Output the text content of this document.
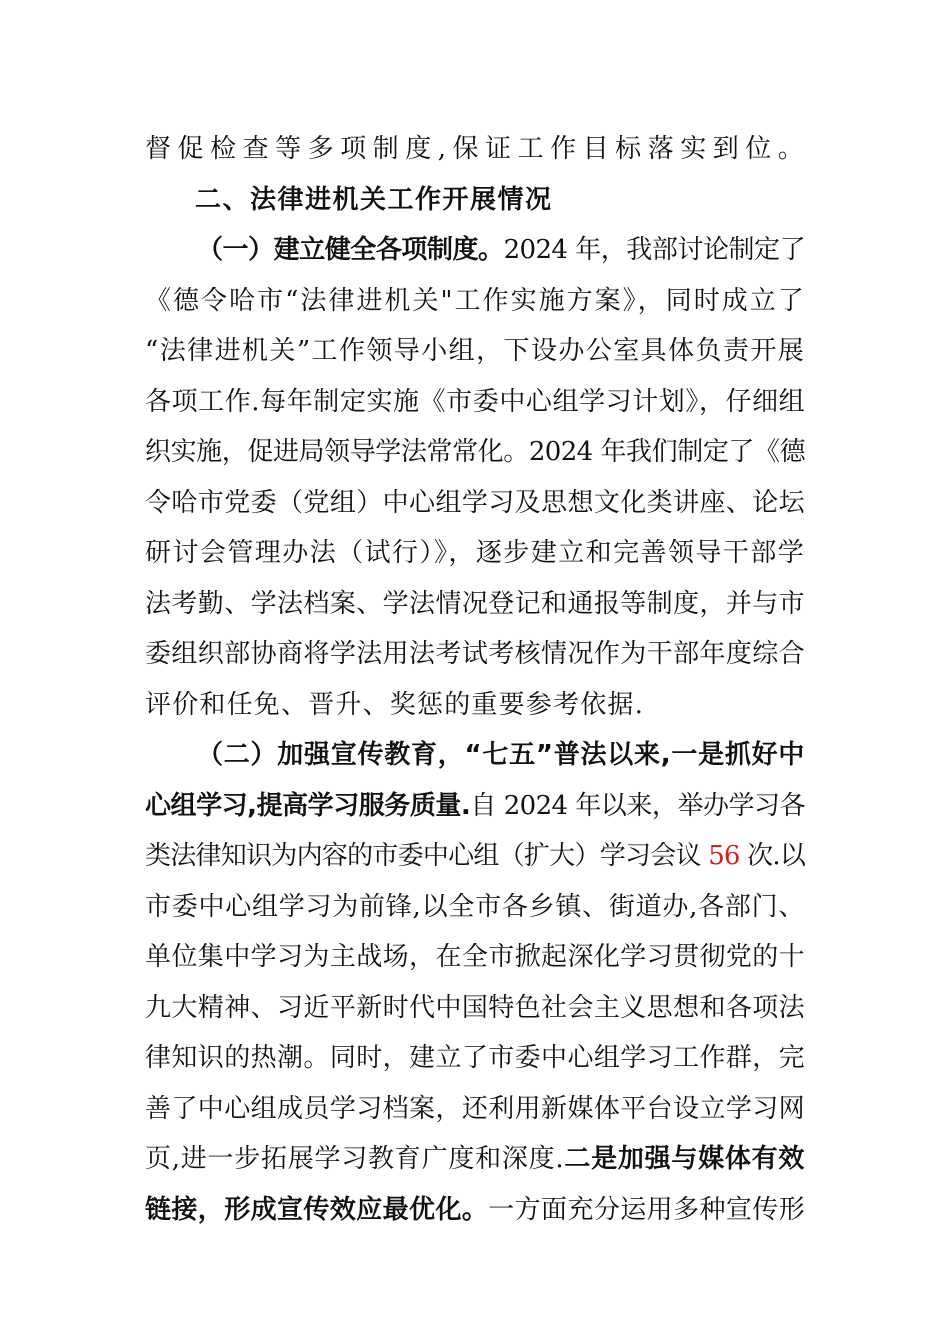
督促检查等多项制度,保证工作目标落实到位。
二、法律进机关工作开展情况
（一）建立健全各项制度。2024 年，我部讨论制定了
《德令哈市“法律进机关"工作实施方案》，同时成立了
“法律进机关”工作领导小组，下设办公室具体负责开展
各项工作.每年制定实施《市委中心组学习计划》，仔细组
织实施，促进局领导学法常常化。2024 年我们制定了《德
令哈市党委（党组）中心组学习及思想文化类讲座、论坛
研讨会管理办法（试行）》，逐步建立和完善领导干部学
法考勤、学法档案、学法情况登记和通报等制度，并与市
委组织部协商将学法用法考试考核情况作为干部年度综合
评价和任免、晋升、奖惩的重要参考依据.
（二）加强宣传教育，“七五”普法以来,一是抓好中
心组学习,提高学习服务质量.自 2024 年以来，举办学习各
类法律知识为内容的市委中心组（扩大）学习会议 56 次.以
市委中心组学习为前锋,以全市各乡镇、街道办,各部门、
单位集中学习为主战场，在全市掀起深化学习贯彻党的十
九大精神、习近平新时代中国特色社会主义思想和各项法
律知识的热潮。同时，建立了市委中心组学习工作群，完
善了中心组成员学习档案，还利用新媒体平台设立学习网
页,进一步拓展学习教育广度和深度.二是加强与媒体有效
链接，形成宣传效应最优化。一方面充分运用多种宣传形
